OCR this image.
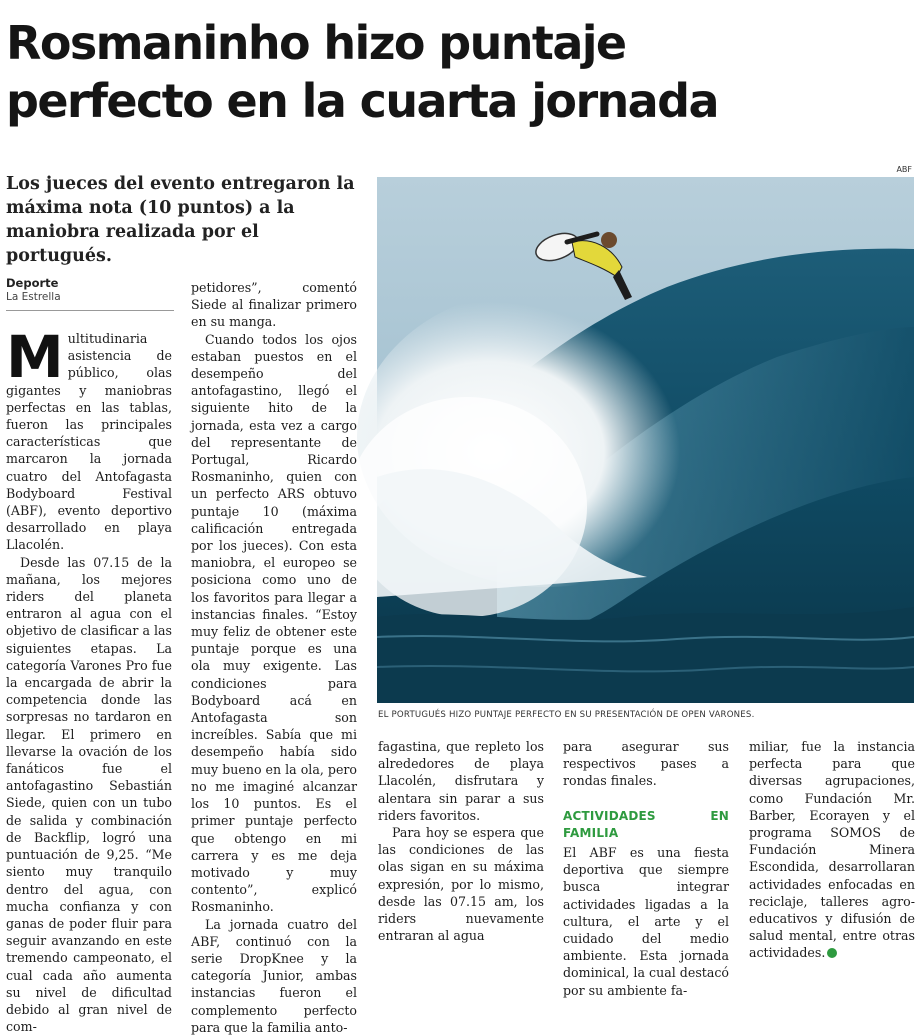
Rosmaninho hizo puntaje
perfecto en la cuarta jornada
Los jueces del evento entregaron la máxima nota (10 puntos) a la maniobra realizada por el portugués.
ABF
EL PORTUGUÉS HIZO PUNTAJE PERFECTO EN SU PRESENTACIÓN DE OPEN VARONES.
Deporte
La Estrella

Multitudinaria asistencia de público, olas gigantes y maniobras perfectas en las tablas, fueron las principales características que marcaron la jornada cuatro del Antofagasta Bodyboard Festival (ABF), evento deportivo desarrollado en playa Llacolén.

Desde las 07.15 de la mañana, los mejores riders del planeta entraron al agua con el objetivo de clasificar a las siguientes etapas. La categoría Varones Pro fue la encargada de abrir la competencia donde las sorpresas no tardaron en llegar. El primero en llevarse la ovación de los fanáticos fue el antofagastino Sebastián Siede, quien con un tubo de salida y combinación de Backflip, logró una puntuación de 9,25. “Me siento muy tranquilo dentro del agua, con mucha confianza y con ganas de poder fluir para seguir avanzando en este tremendo campeonato, el cual cada año aumenta su nivel de dificultad debido al gran nivel de com-

petidores”, comentó Siede al finalizar primero en su manga.

Cuando todos los ojos estaban puestos en el desempeño del antofagastino, llegó el siguiente hito de la jornada, esta vez a cargo del representante de Portugal, Ricardo Rosmaninho, quien con un perfecto ARS obtuvo puntaje 10 (máxima calificación entregada por los jueces). Con esta maniobra, el europeo se posiciona como uno de los favoritos para llegar a instancias finales. “Estoy muy feliz de obtener este puntaje porque es una ola muy exigente. Las condiciones para Bodyboard acá en Antofagasta son increíbles. Sabía que mi desempeño había sido muy bueno en la ola, pero no me imaginé alcanzar los 10 puntos. Es el primer puntaje perfecto que obtengo en mi carrera y es me deja motivado y muy contento”, explicó Rosmaninho.

La jornada cuatro del ABF, continuó con la serie DropKnee y la categoría Junior, ambas instancias fueron el complemento perfecto para que la familia anto-

fagastina, que repleto los alrededores de playa Llacolén, disfrutara y alentara sin parar a sus riders favoritos.

Para hoy se espera que las condiciones de las olas sigan en su máxima expresión, por lo mismo, desde las 07.15 am, los riders nuevamente entraran al agua

para asegurar sus respectivos pases a rondas finales.

ACTIVIDADES EN FAMILIA

El ABF es una fiesta deportiva que siempre busca integrar actividades ligadas a la cultura, el arte y el cuidado del medio ambiente. Esta jornada dominical, la cual destacó por su ambiente fa-

miliar, fue la instancia perfecta para que diversas agrupaciones, como Fundación Mr. Barber, Ecorayen y el programa SOMOS de Fundación Minera Escondida, desarrollaran actividades enfocadas en reciclaje, talleres agro-educativos y difusión de salud mental, entre otras actividades.
